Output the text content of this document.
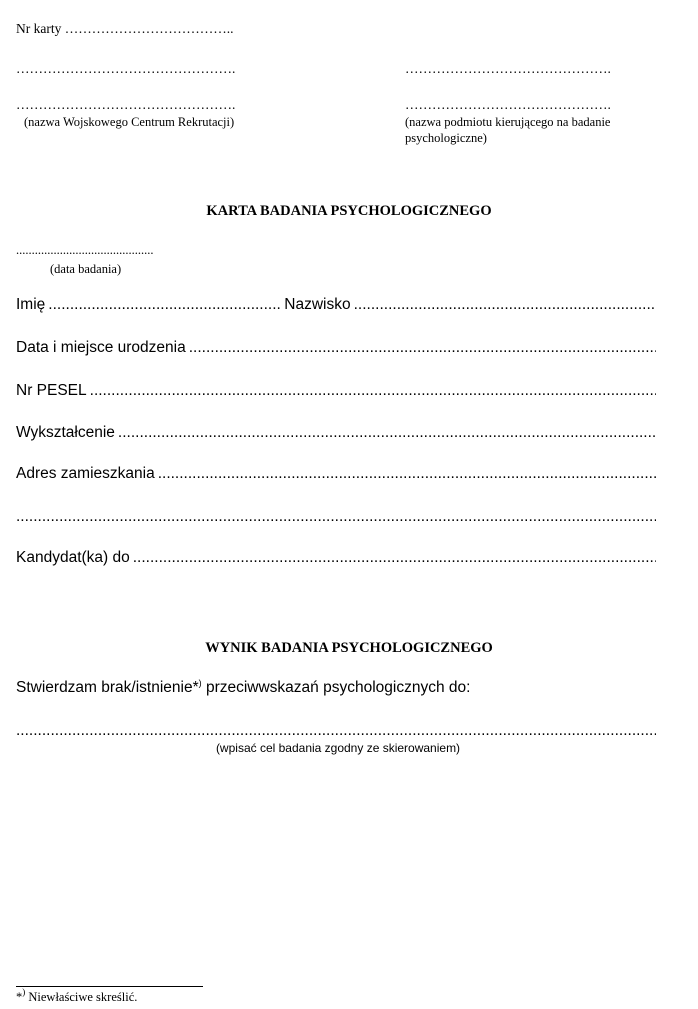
Nr karty ………………………………..
………………………………………….
………………………………………….
(nazwa Wojskowego Centrum Rekrutacji)
……………………………………….
……………………………………….
(nazwa podmiotu kierującego na badanie
psychologiczne)
KARTA BADANIA PSYCHOLOGICZNEGO
............................................
(data badania)
Imię
.....	Nazwisko
.....
Data i miejsce urodzenia
.....
Nr PESEL
.....
Wykształcenie
.....
Adres zamieszkania
.....
.....
Kandydat(ka) do
.....
WYNIK BADANIA PSYCHOLOGICZNEGO
Stwierdzam brak/istnienie*) przeciwwskazań psychologicznych do:
.....
(wpisać cel badania zgodny ze skierowaniem)
*) Niewłaściwe skreślić.
